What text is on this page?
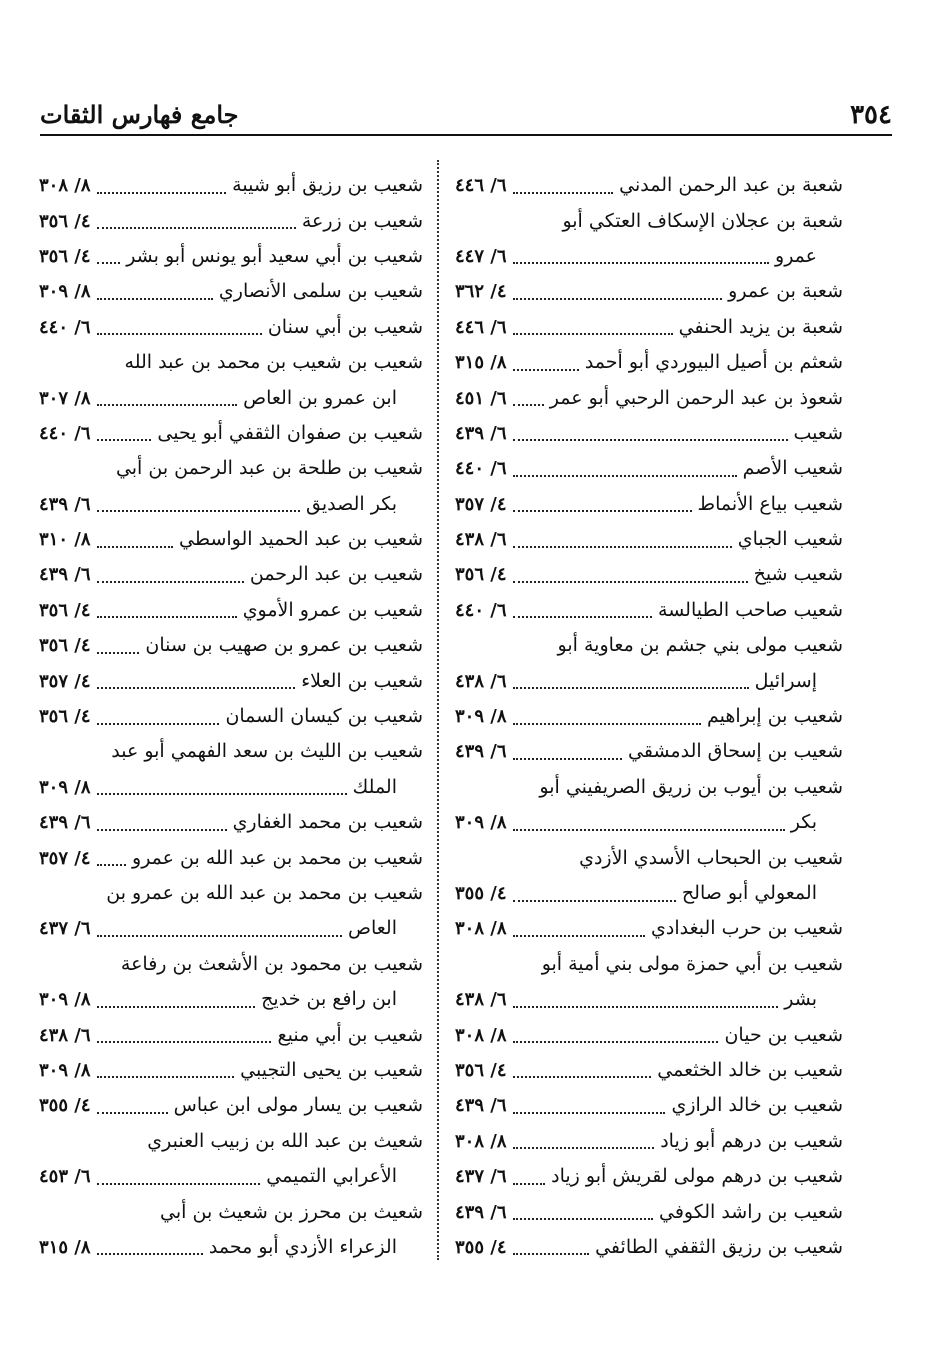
٣٥٤
جامع فهارس الثقات
شعبة بن عبد الرحمن المدني
٦/ ٤٤٦
شعبة بن عجلان الإسكاف العتكي أبو
عمرو
٦/ ٤٤٧
شعبة بن عمرو
٤/ ٣٦٢
شعبة بن يزيد الحنفي
٦/ ٤٤٦
شعثم بن أصيل البيوردي أبو أحمد
٨/ ٣١٥
شعوذ بن عبد الرحمن الرحبي أبو عمر
٦/ ٤٥١
شعيب
٦/ ٤٣٩
شعيب الأصم
٦/ ٤٤٠
شعيب بياع الأنماط
٤/ ٣٥٧
شعيب الجباي
٦/ ٤٣٨
شعيب شيخ
٤/ ٣٥٦
شعيب صاحب الطيالسة
٦/ ٤٤٠
شعيب مولى بني جشم بن معاوية أبو
إسرائيل
٦/ ٤٣٨
شعيب بن إبراهيم
٨/ ٣٠٩
شعيب بن إسحاق الدمشقي
٦/ ٤٣٩
شعيب بن أيوب بن زريق الصريفيني أبو
بكر
٨/ ٣٠٩
شعيب بن الحبحاب الأسدي الأزدي
المعولي أبو صالح
٤/ ٣٥٥
شعيب بن حرب البغدادي
٨/ ٣٠٨
شعيب بن أبي حمزة مولى بني أمية أبو
بشر
٦/ ٤٣٨
شعيب بن حيان
٨/ ٣٠٨
شعيب بن خالد الخثعمي
٤/ ٣٥٦
شعيب بن خالد الرازي
٦/ ٤٣٩
شعيب بن درهم أبو زياد
٨/ ٣٠٨
شعيب بن درهم مولى لقريش أبو زياد
٦/ ٤٣٧
شعيب بن راشد الكوفي
٦/ ٤٣٩
شعيب بن رزيق الثقفي الطائفي
٤/ ٣٥٥
شعيب بن رزيق أبو شيبة
٨/ ٣٠٨
شعيب بن زرعة
٤/ ٣٥٦
شعيب بن أبي سعيد أبو يونس أبو بشر
٤/ ٣٥٦
شعيب بن سلمى الأنصاري
٨/ ٣٠٩
شعيب بن أبي سنان
٦/ ٤٤٠
شعيب بن شعيب بن محمد بن عبد الله
ابن عمرو بن العاص
٨/ ٣٠٧
شعيب بن صفوان الثقفي أبو يحيى
٦/ ٤٤٠
شعيب بن طلحة بن عبد الرحمن بن أبي
بكر الصديق
٦/ ٤٣٩
شعيب بن عبد الحميد الواسطي
٨/ ٣١٠
شعيب بن عبد الرحمن
٦/ ٤٣٩
شعيب بن عمرو الأموي
٤/ ٣٥٦
شعيب بن عمرو بن صهيب بن سنان
٤/ ٣٥٦
شعيب بن العلاء
٤/ ٣٥٧
شعيب بن كيسان السمان
٤/ ٣٥٦
شعيب بن الليث بن سعد الفهمي أبو عبد
الملك
٨/ ٣٠٩
شعيب بن محمد الغفاري
٦/ ٤٣٩
شعيب بن محمد بن عبد الله بن عمرو
٤/ ٣٥٧
شعيب بن محمد بن عبد الله بن عمرو بن
العاص
٦/ ٤٣٧
شعيب بن محمود بن الأشعث بن رفاعة
ابن رافع بن خديج
٨/ ٣٠٩
شعيب بن أبي منيع
٦/ ٤٣٨
شعيب بن يحيى التجيبي
٨/ ٣٠٩
شعيب بن يسار مولى ابن عباس
٤/ ٣٥٥
شعيث بن عبد الله بن زبيب العنبري
الأعرابي التميمي
٦/ ٤٥٣
شعيث بن محرز بن شعيث بن أبي
الزعراء الأزدي أبو محمد
٨/ ٣١٥
